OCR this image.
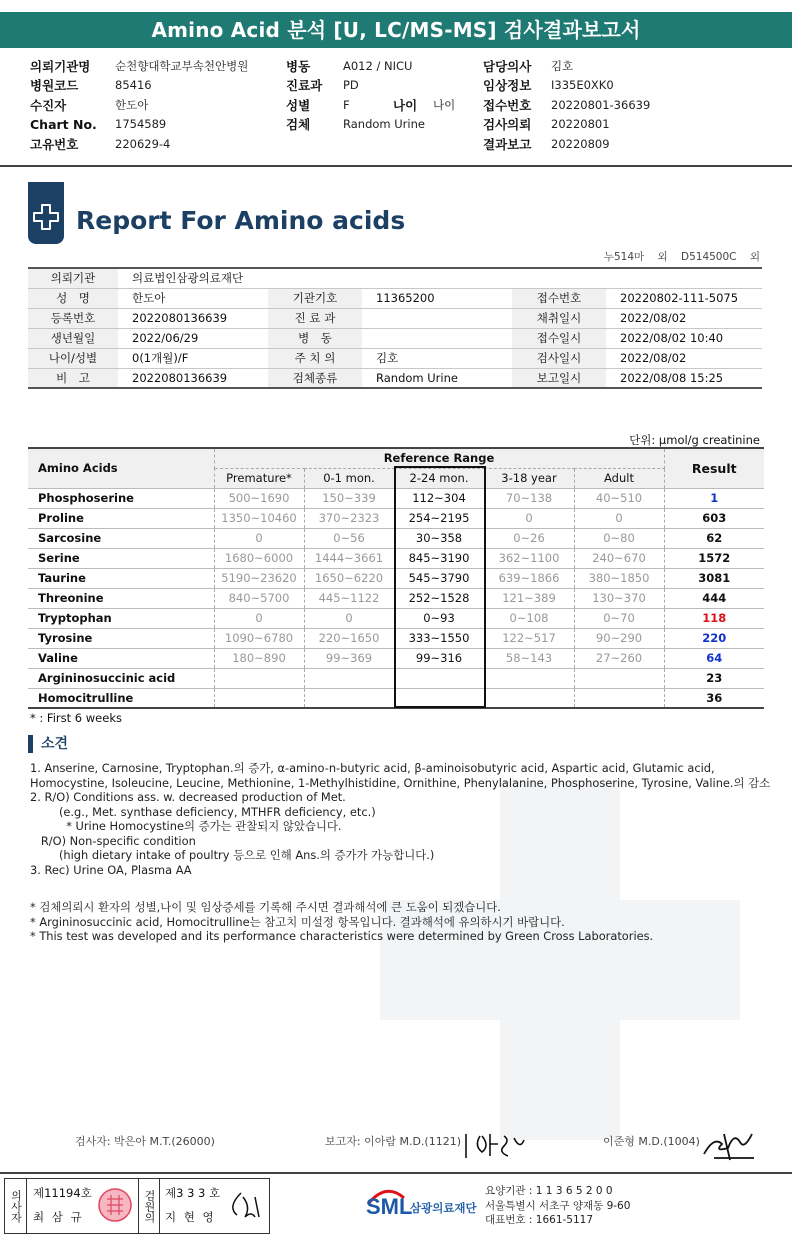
Amino Acid 분석 [U, LC/MS-MS] 검사결과보고서
의뢰기관명	순천향대학교부속천안병원
병원코드	85416
수진자	한도아
Chart No.	1754589
고유번호	220629-4
병동	A012 / NICU
진료과	PD
성별	F	나이	나이
검체	Random Urine
담당의사	김호
임상정보	I335E0XK0
접수번호	20220801-36639
검사의뢰	20220801
결과보고	20220809
Report For Amino acids
누514마 외 D514500C 외
의뢰기관	의료법인삼광의료재단				
성　명	한도아	기관기호	11365200	접수번호	20220802-111-5075
등록번호	2022080136639	진 료 과		채취일시	2022/08/02
생년월일	2022/06/29	병　동		접수일시	2022/08/02 10:40
나이/성별	0(1개월)/F	주 치 의	김호	검사일시	2022/08/02
비　고	2022080136639	검체종류	Random Urine	보고일시	2022/08/08 15:25
단위: μmol/g creatinine
Amino Acids	Reference Range					Result
	Premature*	0-1 mon.	2-24 mon.	3-18 year	Adult	
Phosphoserine	500~1690	150~339	112~304	70~138	40~510	1
Proline	1350~10460	370~2323	254~2195	0	0	603
Sarcosine	0	0~56	30~358	0~26	0~80	62
Serine	1680~6000	1444~3661	845~3190	362~1100	240~670	1572
Taurine	5190~23620	1650~6220	545~3790	639~1866	380~1850	3081
Threonine	840~5700	445~1122	252~1528	121~389	130~370	444
Tryptophan	0	0	0~93	0~108	0~70	118
Tyrosine	1090~6780	220~1650	333~1550	122~517	90~290	220
Valine	180~890	99~369	99~316	58~143	27~260	64
Argininosuccinic acid						23
Homocitrulline						36
* : First 6 weeks
소견
1. Anserine, Carnosine, Tryptophan.의 증가, α-amino-n-butyric acid, β-aminoisobutyric acid, Aspartic acid, Glutamic acid,
Homocystine, Isoleucine, Leucine, Methionine, 1-Methylhistidine, Ornithine, Phenylalanine, Phosphoserine, Tyrosine, Valine.의 감소
2. R/O) Conditions ass. w. decreased production of Met.
(e.g., Met. synthase deficiency, MTHFR deficiency, etc.)
* Urine Homocystine의 증가는 관찰되지 않았습니다.
R/O) Non-specific condition
(high dietary intake of poultry 등으로 인해 Ans.의 증가가 가능합니다.)
3. Rec) Urine OA, Plasma AA
* 검체의뢰시 환자의 성별,나이 및 임상증세를 기록해 주시면 결과해석에 큰 도움이 되겠습니다.
* Argininosuccinic acid, Homocitrulline는 참고치 미설정 항목입니다. 결과해석에 유의하시기 바랍니다.
* This test was developed and its performance characteristics were determined by Green Cross Laboratories.
검사자: 박은아 M.T.(26000)	보고자: 이아람 M.D.(1121)	이준형 M.D.(1004)
의사자 제11194호
최 삼 규	검원의 제3 3 3 호
지 현 영	SML
삼광의료재단
요양기관 : 1 1 3 6 5 2 0 0
서울특별시 서초구 양재동 9-60
대표번호 : 1661-5117
